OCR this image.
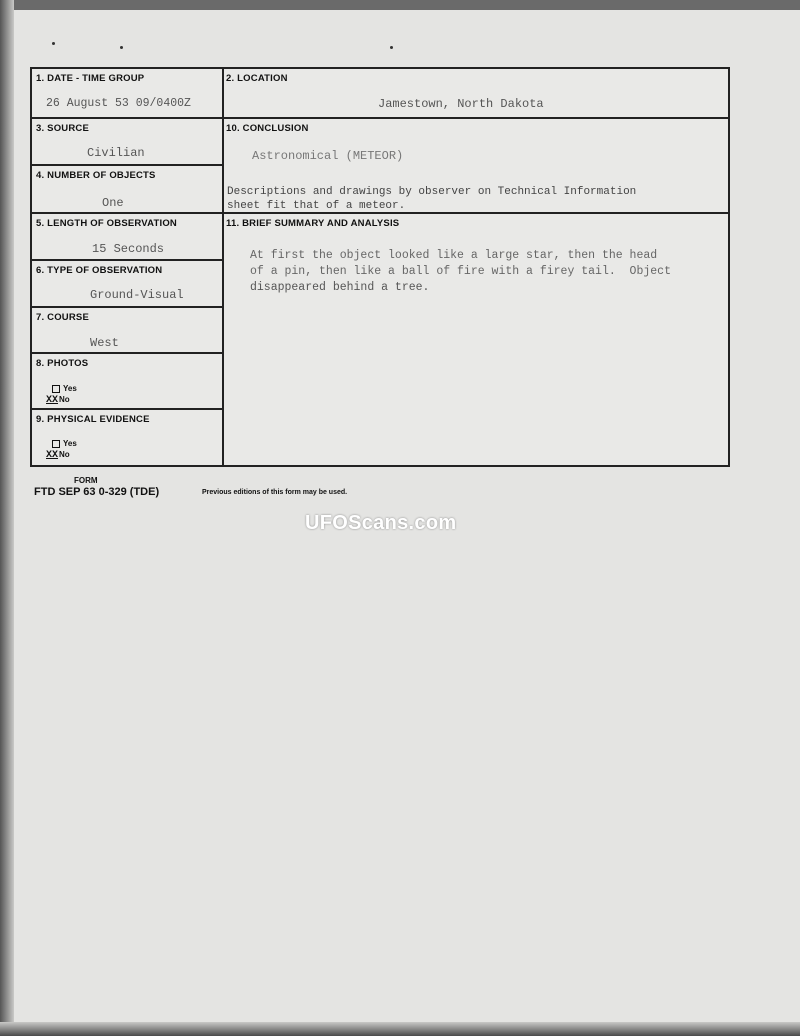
1. DATE - TIME GROUP
26 August 53 09/0400Z
3. SOURCE
Civilian
4. NUMBER OF OBJECTS
One
5. LENGTH OF OBSERVATION
15 Seconds
6. TYPE OF OBSERVATION
Ground-Visual
7. COURSE
West
8. PHOTOS
Yes
XXNo
9. PHYSICAL EVIDENCE
Yes
XXNo
2. LOCATION
Jamestown, North Dakota
10. CONCLUSION
Astronomical (METEOR)
Descriptions and drawings by observer on Technical Information
sheet fit that of a meteor.
11. BRIEF SUMMARY AND ANALYSIS
At first the object looked like a large star, then the head
of a pin, then like a ball of fire with a firey tail.  Object
disappeared behind a tree.
FORM
FTD SEP 63 0-329 (TDE)	Previous editions of this form may be used.
UFOScans.com
